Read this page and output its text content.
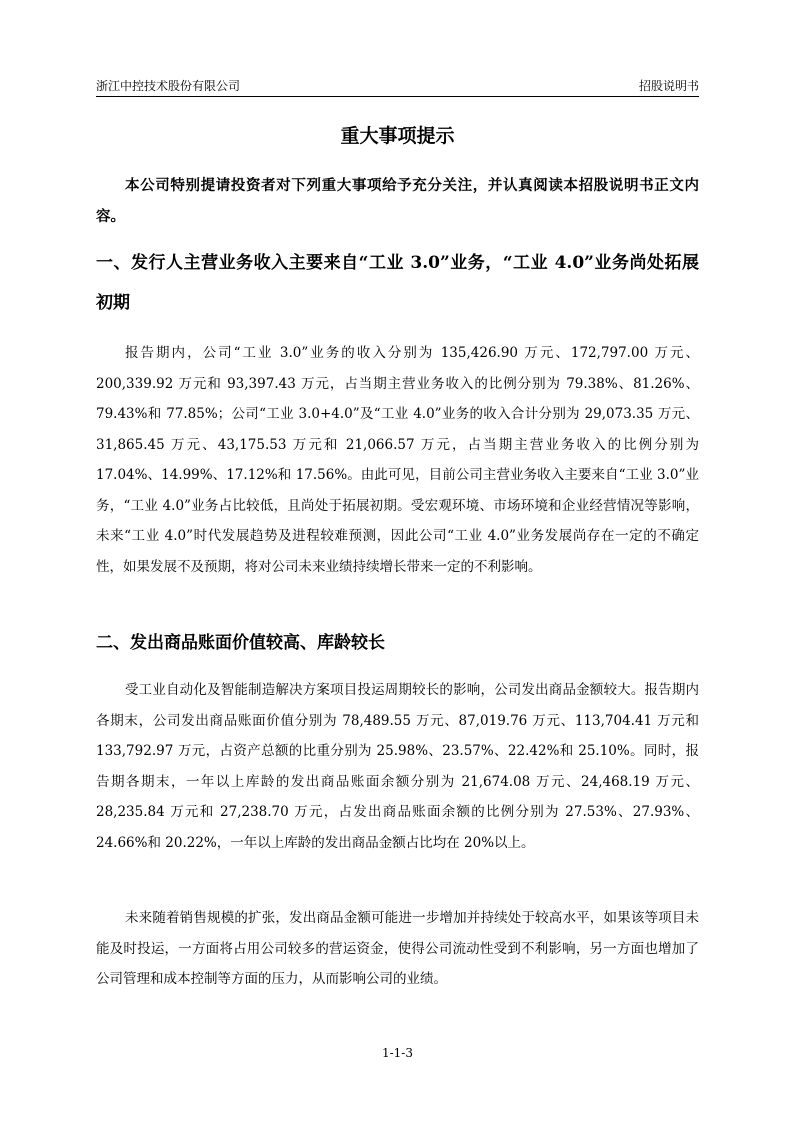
浙江中控技术股份有限公司	招股说明书
重大事项提示

本公司特别提请投资者对下列重大事项给予充分关注，并认真阅读本招股说明书正文内容。

一、发行人主营业务收入主要来自“工业 3.0”业务，“工业 4.0”业务尚处拓展初期

报告期内，公司“工业 3.0”业务的收入分别为 135,426.90 万元、172,797.00 万元、200,339.92 万元和 93,397.43 万元，占当期主营业务收入的比例分别为 79.38%、81.26%、79.43%和 77.85%；公司“工业 3.0+4.0”及“工业 4.0”业务的收入合计分别为 29,073.35 万元、31,865.45 万元、43,175.53 万元和 21,066.57 万元，占当期主营业务收入的比例分别为 17.04%、14.99%、17.12%和 17.56%。由此可见，目前公司主营业务收入主要来自“工业 3.0”业务，“工业 4.0”业务占比较低，且尚处于拓展初期。受宏观环境、市场环境和企业经营情况等影响，未来“工业 4.0”时代发展趋势及进程较难预测，因此公司“工业 4.0”业务发展尚存在一定的不确定性，如果发展不及预期，将对公司未来业绩持续增长带来一定的不利影响。

二、发出商品账面价值较高、库龄较长

受工业自动化及智能制造解决方案项目投运周期较长的影响，公司发出商品金额较大。报告期内各期末，公司发出商品账面价值分别为 78,489.55 万元、87,019.76 万元、113,704.41 万元和 133,792.97 万元，占资产总额的比重分别为 25.98%、23.57%、22.42%和 25.10%。同时，报告期各期末，一年以上库龄的发出商品账面余额分别为 21,674.08 万元、24,468.19 万元、28,235.84 万元和 27,238.70 万元，占发出商品账面余额的比例分别为 27.53%、27.93%、24.66%和 20.22%，一年以上库龄的发出商品金额占比均在 20%以上。

未来随着销售规模的扩张，发出商品金额可能进一步增加并持续处于较高水平，如果该等项目未能及时投运，一方面将占用公司较多的营运资金，使得公司流动性受到不利影响，另一方面也增加了公司管理和成本控制等方面的压力，从而影响公司的业绩。

1-1-3
